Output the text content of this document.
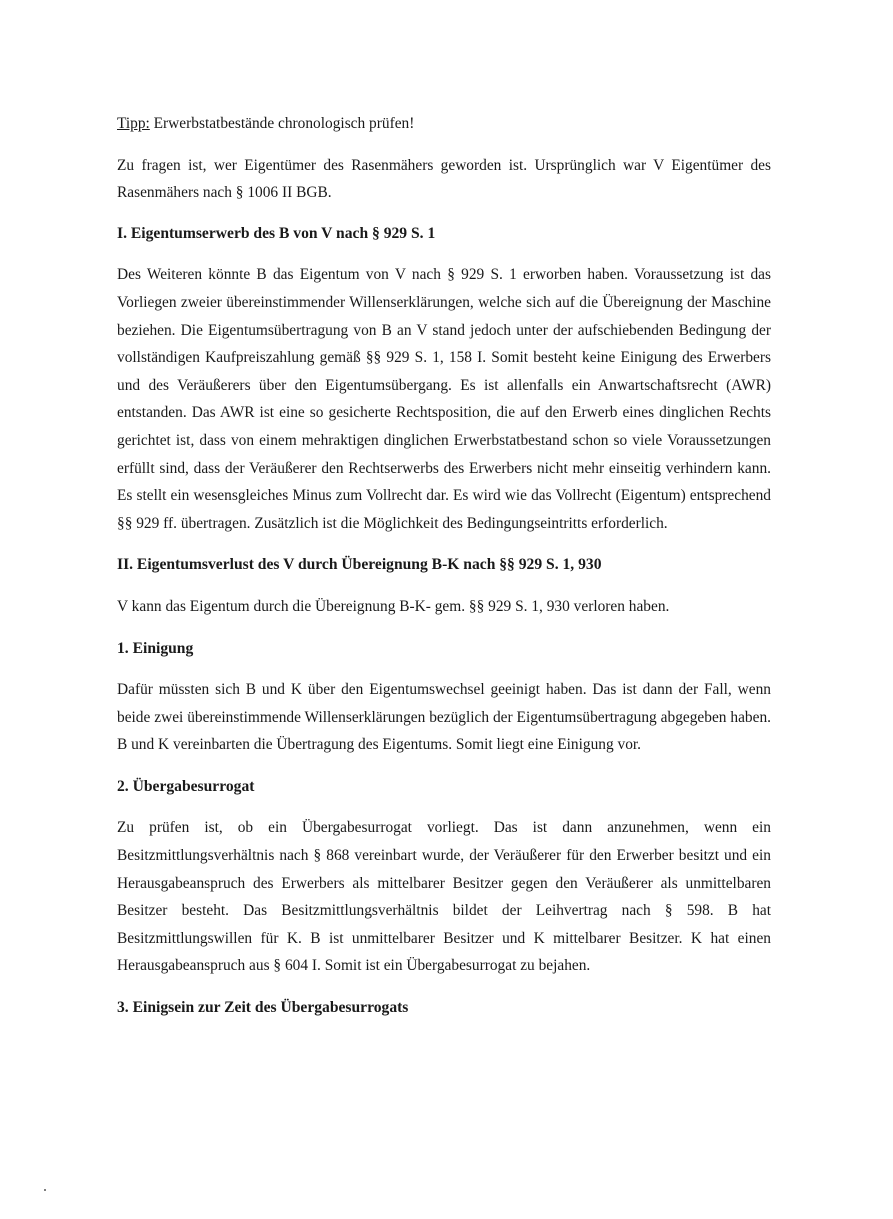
Tipp: Erwerbstatbestände chronologisch prüfen!

Zu fragen ist, wer Eigentümer des Rasenmähers geworden ist. Ursprünglich war V Eigentümer des Rasenmähers nach § 1006 II BGB.

I. Eigentumserwerb des B von V nach § 929 S. 1

Des Weiteren könnte B das Eigentum von V nach § 929 S. 1 erworben haben. Voraussetzung ist das Vorliegen zweier übereinstimmender Willenserklärungen, welche sich auf die Übereignung der Maschine beziehen. Die Eigentumsübertragung von B an V stand jedoch unter der aufschiebenden Bedingung der vollständigen Kaufpreiszahlung gemäß §§ 929 S. 1, 158 I. Somit besteht keine Einigung des Erwerbers und des Veräußerers über den Eigentumsübergang. Es ist allenfalls ein Anwartschaftsrecht (AWR) entstanden. Das AWR ist eine so gesicherte Rechtsposition, die auf den Erwerb eines dinglichen Rechts gerichtet ist, dass von einem mehraktigen dinglichen Erwerbstatbestand schon so viele Voraussetzungen erfüllt sind, dass der Veräußerer den Rechtserwerbs des Erwerbers nicht mehr einseitig verhindern kann. Es stellt ein wesensgleiches Minus zum Vollrecht dar. Es wird wie das Vollrecht (Eigentum) entsprechend §§ 929 ff. übertragen. Zusätzlich ist die Möglichkeit des Bedingungseintritts erforderlich.

II. Eigentumsverlust des V durch Übereignung B-K nach §§ 929 S. 1, 930

V kann das Eigentum durch die Übereignung B-K- gem. §§ 929 S. 1, 930 verloren haben.

1. Einigung

Dafür müssten sich B und K über den Eigentumswechsel geeinigt haben. Das ist dann der Fall, wenn beide zwei übereinstimmende Willenserklärungen bezüglich der Eigentumsübertragung abgegeben haben. B und K vereinbarten die Übertragung des Eigentums. Somit liegt eine Einigung vor.

2. Übergabesurrogat

Zu prüfen ist, ob ein Übergabesurrogat vorliegt. Das ist dann anzunehmen, wenn ein Besitzmittlungsverhältnis nach § 868 vereinbart wurde, der Veräußerer für den Erwerber besitzt und ein Herausgabeanspruch des Erwerbers als mittelbarer Besitzer gegen den Veräußerer als unmittelbaren Besitzer besteht. Das Besitzmittlungsverhältnis bildet der Leihvertrag nach § 598. B hat Besitzmittlungswillen für K. B ist unmittelbarer Besitzer und K mittelbarer Besitzer. K hat einen Herausgabeanspruch aus § 604 I. Somit ist ein Übergabesurrogat zu bejahen.

3. Einigsein zur Zeit des Übergabesurrogats
